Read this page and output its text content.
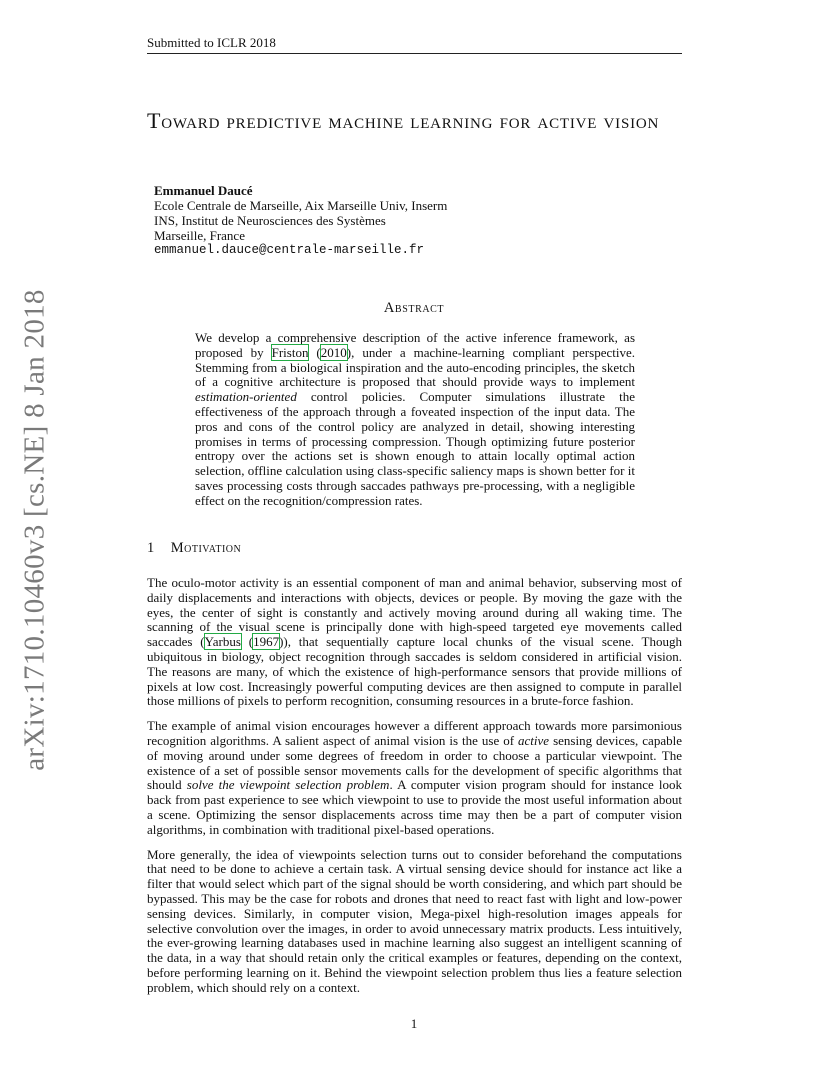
Submitted to ICLR 2018
arXiv:1710.10460v3 [cs.NE] 8 Jan 2018
Toward predictive machine learning for active vision
Emmanuel Daucé
Ecole Centrale de Marseille, Aix Marseille Univ, Inserm
INS, Institut de Neurosciences des Systèmes
Marseille, France
emmanuel.dauce@centrale-marseille.fr
Abstract
We develop a comprehensive description of the active inference framework, as proposed by Friston (2010), under a machine-learning compliant perspective. Stemming from a biological inspiration and the auto-encoding principles, the sketch of a cognitive architecture is proposed that should provide ways to implement estimation-oriented control policies. Computer simulations illustrate the effectiveness of the approach through a foveated inspection of the input data. The pros and cons of the control policy are analyzed in detail, showing interesting promises in terms of processing compression. Though optimizing future posterior entropy over the actions set is shown enough to attain locally optimal action selection, offline calculation using class-specific saliency maps is shown better for it saves processing costs through saccades pathways pre-processing, with a negligible effect on the recognition/compression rates.
1 Motivation

The oculo-motor activity is an essential component of man and animal behavior, subserving most of daily displacements and interactions with objects, devices or people. By moving the gaze with the eyes, the center of sight is constantly and actively moving around during all waking time. The scanning of the visual scene is principally done with high-speed targeted eye movements called saccades (Yarbus (1967)), that sequentially capture local chunks of the visual scene. Though ubiquitous in biology, object recognition through saccades is seldom considered in artificial vision. The reasons are many, of which the existence of high-performance sensors that provide millions of pixels at low cost. Increasingly powerful computing devices are then assigned to compute in parallel those millions of pixels to perform recognition, consuming resources in a brute-force fashion.

The example of animal vision encourages however a different approach towards more parsimonious recognition algorithms. A salient aspect of animal vision is the use of active sensing devices, capable of moving around under some degrees of freedom in order to choose a particular viewpoint. The existence of a set of possible sensor movements calls for the development of specific algorithms that should solve the viewpoint selection problem. A computer vision program should for instance look back from past experience to see which viewpoint to use to provide the most useful information about a scene. Optimizing the sensor displacements across time may then be a part of computer vision algorithms, in combination with traditional pixel-based operations.

More generally, the idea of viewpoints selection turns out to consider beforehand the computations that need to be done to achieve a certain task. A virtual sensing device should for instance act like a filter that would select which part of the signal should be worth considering, and which part should be bypassed. This may be the case for robots and drones that need to react fast with light and low-power sensing devices. Similarly, in computer vision, Mega-pixel high-resolution images appeals for selective convolution over the images, in order to avoid unnecessary matrix products. Less intuitively, the ever-growing learning databases used in machine learning also suggest an intelligent scanning of the data, in a way that should retain only the critical examples or features, depending on the context, before performing learning on it. Behind the viewpoint selection problem thus lies a feature selection problem, which should rely on a context.

1
